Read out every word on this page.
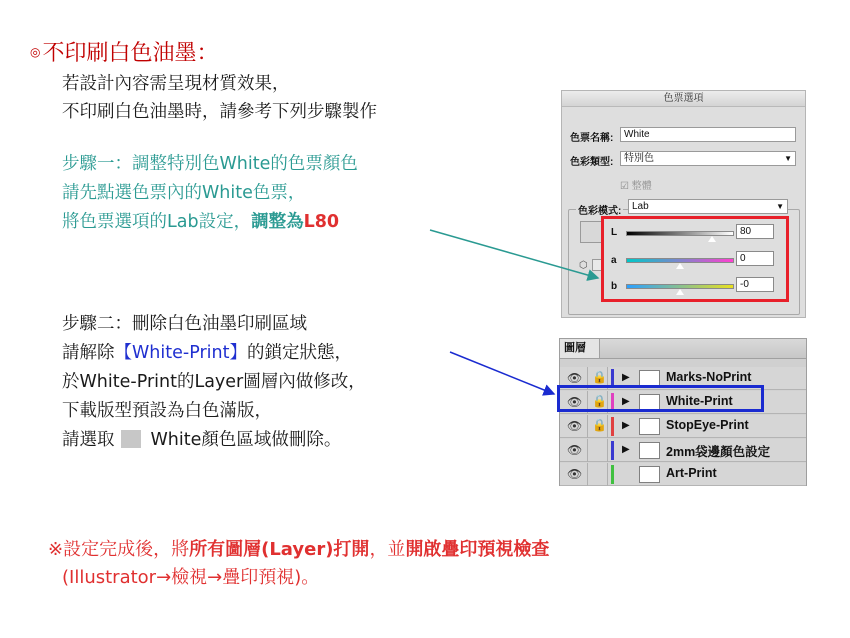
◎不印刷白色油墨：
若設計內容需呈現材質效果，
不印刷白色油墨時，請參考下列步驟製作
步驟一：調整特別色White的色票顏色
請先點選色票內的White色票，
將色票選項的Lab設定，調整為L80
步驟二：刪除白色油墨印刷區域
請解除【White-Print】的鎖定狀態，
於White-Print的Layer圖層內做修改，
下載版型預設為白色滿版，
請選取 White顏色區域做刪除。
※設定完成後，將所有圖層(Layer)打開，並開啟疊印預視檢查
(Illustrator→檢視→疊印預視)。
色票選項
色票名稱:	White
色彩類型:	特別色	▼
☑ 整體
色彩模式:	Lab	▼
⬡
L	80
a	0
b	-0
圖層
👁 🔒 ▶	Marks-NoPrint
👁 🔒 ▶	White-Print
👁 🔒 ▶	StopEye-Print
👁	▶	2mm袋邊顏色設定
👁	Art-Print
